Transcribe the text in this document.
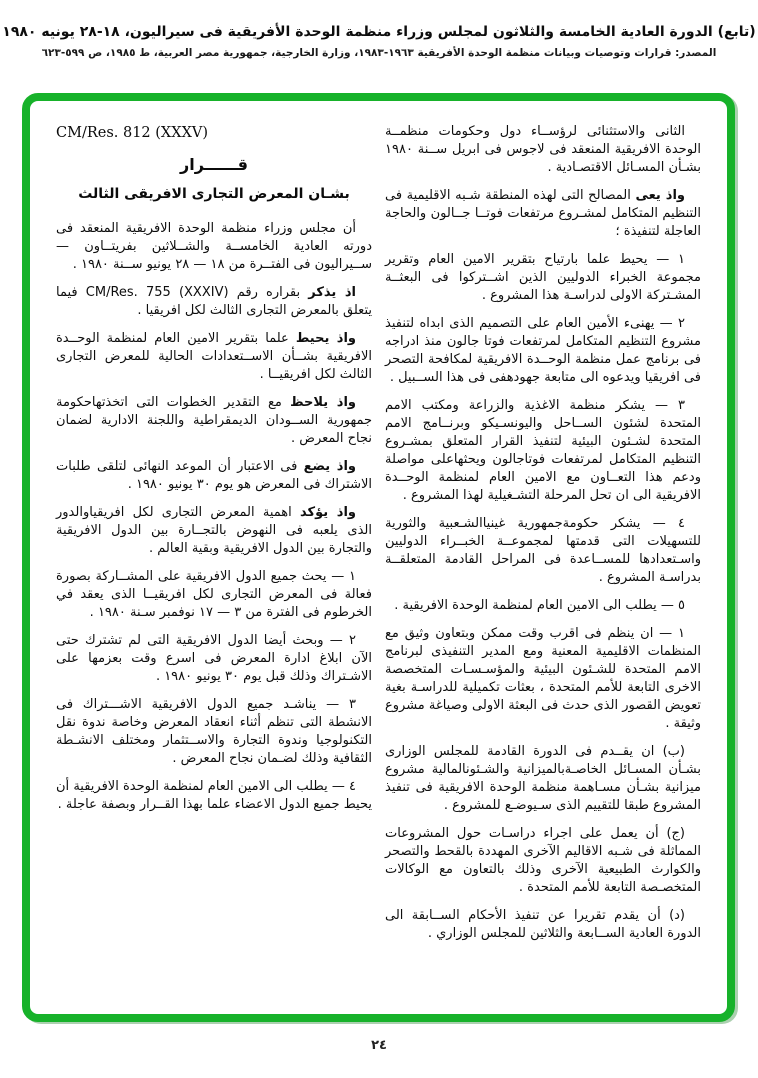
(تابع) الدورة العادية الخامسة والثلاثون لمجلس وزراء منظمة الوحدة الأفريقية فى سيراليون، ١٨-٢٨ يونيه ١٩٨٠
المصدر: قرارات وتوصيات وبيانات منظمة الوحدة الأفريقية ١٩٦٣-١٩٨٣، وزارة الخارجية، جمهورية مصر العربية، ط ١٩٨٥، ص ٥٩٩-٦٢٣

الثانى والاستثنائى لرؤســاء دول وحكومات منظمــة الوحدة الافريقية المنعقد فى لاجوس فى ابريل ســنة ١٩٨٠ بشـأن المسـائل الاقتصـادية .

واذ يعى المصالح التى لهذه المنطقة شـبه الاقليمية فى التنظيم المتكامل لمشـروع مرتفعات فوتــا جــالون والحاجة العاجلة لتنفيذة ؛

١ — يحيط علما بارتياح بتقرير الامين العام وتقرير مجموعة الخبراء الدوليين الذين اشــتركوا فى البعثــة المشـتركة الاولى لدراسـة هذا المشروع .

٢ — يهنىء الأمين العام على التصميم الذى ابداه لتنفيذ مشروع التنظيم المتكامل لمرتفعات فوتا جالون منذ ادراجه فى برنامج عمل منظمة الوحــدة الافريقية لمكافحة التصحر فى افريقيا ويدعوه الى متابعة جهودهفى فى هذا الســبيل .

٣ — يشكر منظمة الاغذية والزراعة ومكتب الامم المتحدة لشئون الســاحل واليونسـيكو وبرنــامج الامم المتحدة لشـئون البيئية لتنفيذ القرار المتعلق بمشـروع التنظيم المتكامل لمرتفعات فوتاجالون ويحثهاعلى مواصلة ودعم هذا التعــاون مع الامين العام لمنظمة الوحــدة الافريقية الى ان تحل المرحلة التشـغيلية لهذا المشروع .

٤ — يشكر حكومةجمهورية غينياالشـعبية والثورية للتسهيلات التى قدمتها لمجموعــة الخبــراء الدوليين واسـتعدادها للمســاعدة فى المراحل القادمة المتعلقــة بدراسـة المشروع .

٥ — يطلب الى الامين العام لمنظمة الوحدة الافريقية .

١ — ان ينظم فى اقرب وقت ممكن وبتعاون وثيق مع المنظمات الاقليمية المعنية ومع المدير التنفيذى لبرنامج الامم المتحدة للشـئون البيئية والمؤسـسـات المتخصصة الاخرى التابعة للأمم المتحدة ، بعثات تكميلية للدراسـة بغية تعويض القصور الذى حدث فى البعثة الاولى وصياغة مشروع وثيقة .

(ب) ان يقــدم فى الدورة القادمة للمجلس الوزارى بشـأن المسـائل الخاصـةبالميزانية والشـئونالمالية مشروع ميزانية بشـأن مسـاهمة منظمة الوحدة الافريقية فى تنفيذ المشروع طبقا للتقييم الذى سـيوضـع للمشروع .

(ج) أن يعمل على اجراء دراسـات حول المشروعات المماثلة فى شـبه الاقاليم الآخرى المهددة بالقحط والتصحر والكوارث الطبيعية الآخرى وذلك بالتعاون مع الوكالات المتخصـصة التابعة للأمم المتحدة .

(د) أن يقدم تقريرا عن تنفيذ الأحكام الســابقة الى الدورة العادية الســابعة والثلاثين للمجلس الوزاري .

CM/Res. 812 (XXXV)
قــــــرار
بشـان المعرض التجارى الافريقى الثالث

أن مجلس وزراء منظمة الوحدة الافريقية المنعقد فى دورته العادية الخامســة والشــلاثين بفريتــاون — ســيراليون فى الفتــرة من ١٨ — ٢٨ يونيو ســنة ١٩٨٠ .

اذ يذكر بقراره رقم CM/Res. 755 (XXXIV) فيما يتعلق بالمعرض التجارى الثالث لكل افريقيا .

واذ يحيط علما بتقرير الامين العام لمنظمة الوحــدة الافريقية بشــأن الاســتعدادات الحالية للمعرض التجارى الثالث لكل افريقيــا .

واذ يلاحظ مع التقدير الخطوات التى اتخذتهاحكومة جمهورية الســودان الديمقراطية واللجنة الادارية لضمان نجاح المعرض .

واذ يضع فى الاعتبار أن الموعد النهائى لتلقى طلبات الاشتراك فى المعرض هو يوم ٣٠ يونيو ١٩٨٠ .

واذ يؤكد اهمية المعرض التجارى لكل افريقياوالدور الذى يلعبه فى النهوض بالتجــارة بين الدول الافريقية والتجارة بين الدول الافريقية وبقية العالم .

١ — يحث جميع الدول الافريقية على المشــاركة بصورة فعالة فى المعرض التجارى لكل افريقيــا الذى يعقد في الخرطوم فى الفترة من ٣ — ١٧ نوفمبر سـنة ١٩٨٠ .

٢ — وبحث أيضا الدول الافريقية التى لم تشترك حتى الآن ابلاغ ادارة المعرض فى اسرع وقت بعزمها على الاشـتراك وذلك قبل يوم ٣٠ يونيو ١٩٨٠ .

٣ — يناشـد جميع الدول الافريقية الاشـــتراك فى الانشطة التى تنظم أثناء انعقاد المعرض وخاصة ندوة نقل التكنولوجيا وندوة التجارة والاســتثمار ومختلف الانشـطة الثقافية وذلك لضـمان نجاح المعرض .

٤ — يطلب الى الامين العام لمنظمة الوحدة الافريقية أن يحيط جميع الدول الاعضاء علما بهذا القــرار وبصفة عاجلة .

٢٤
